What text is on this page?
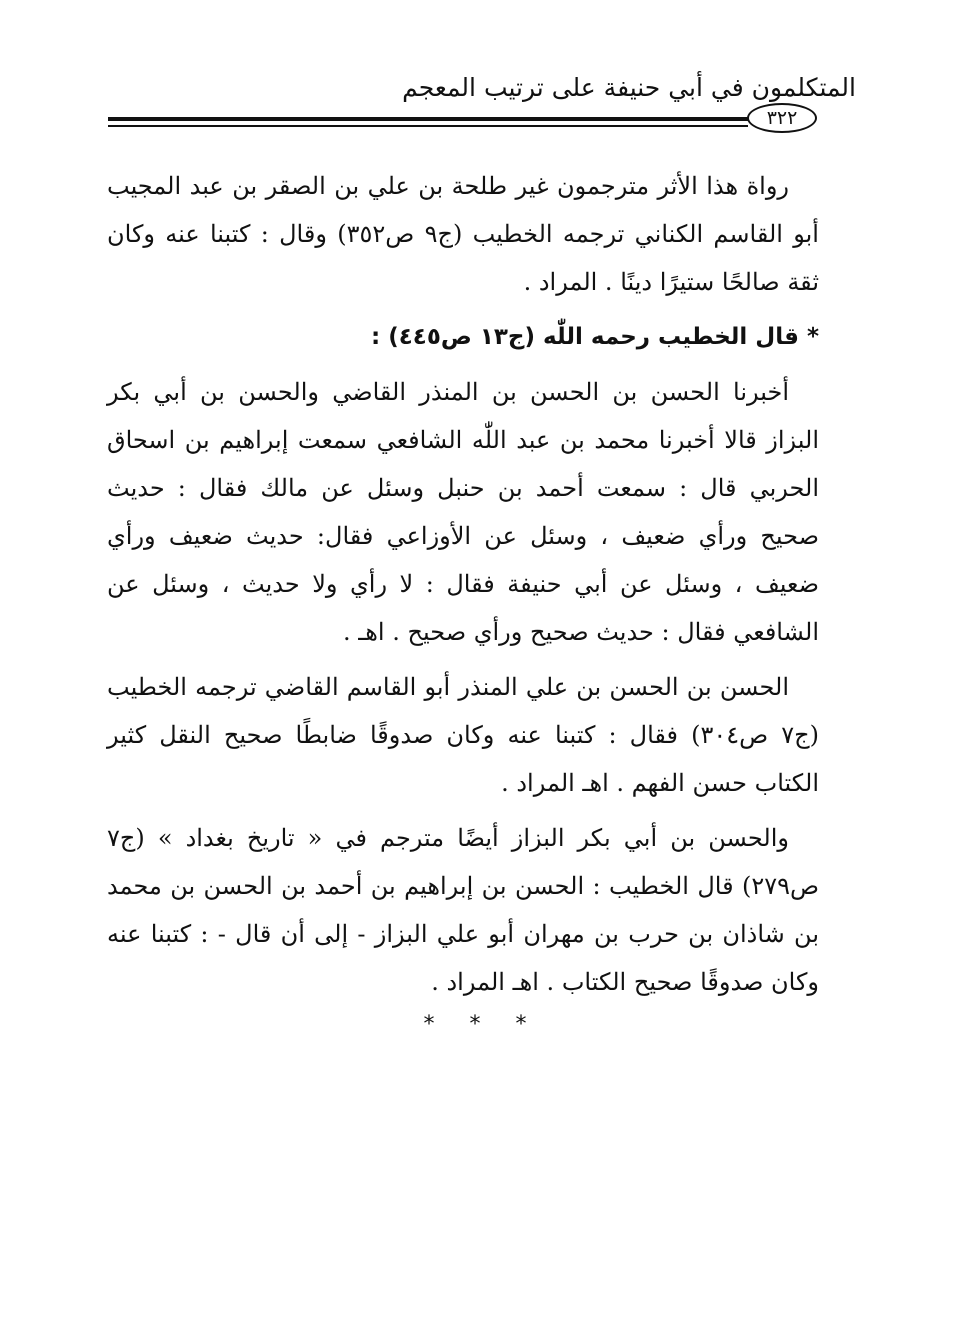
المتكلمون في أبي حنيفة على ترتيب المعجم
٣٢٢

رواة هذا الأثر مترجمون غير طلحة بن علي بن الصقر بن عبد المجيب أبو القاسم الكناني ترجمه الخطيب (ج٩ ص٣٥٢) وقال : كتبنا عنه وكان ثقة صالحًا ستيرًا دينًا . المراد .

* قال الخطيب رحمه اللّٰه (ج١٣ ص٤٤٥) :

أخبرنا الحسن بن الحسن بن المنذر القاضي والحسن بن أبي بكر البزاز قالا أخبرنا محمد بن عبد اللّٰه الشافعي سمعت إبراهيم بن اسحاق الحربي قال : سمعت أحمد بن حنبل وسئل عن مالك فقال : حديث صحيح ورأي ضعيف ، وسئل عن الأوزاعي فقال: حديث ضعيف ورأي ضعيف ، وسئل عن أبي حنيفة فقال : لا رأي ولا حديث ، وسئل عن الشافعي فقال : حديث صحيح ورأي صحيح . اهـ .

الحسن بن الحسن بن علي المنذر أبو القاسم القاضي ترجمه الخطيب (ج٧ ص٣٠٤) فقال : كتبنا عنه وكان صدوقًا ضابطًا صحيح النقل كثير الكتاب حسن الفهم . اهـ المراد .

والحسن بن أبي بكر البزاز أيضًا مترجم في « تاريخ بغداد » (ج٧ ص٢٧٩) قال الخطيب : الحسن بن إبراهيم بن أحمد بن الحسن بن محمد بن شاذان بن حرب بن مهران أبو علي البزاز - إلى أن قال - : كتبنا عنه وكان صدوقًا صحيح الكتاب . اهـ المراد .

* * *
